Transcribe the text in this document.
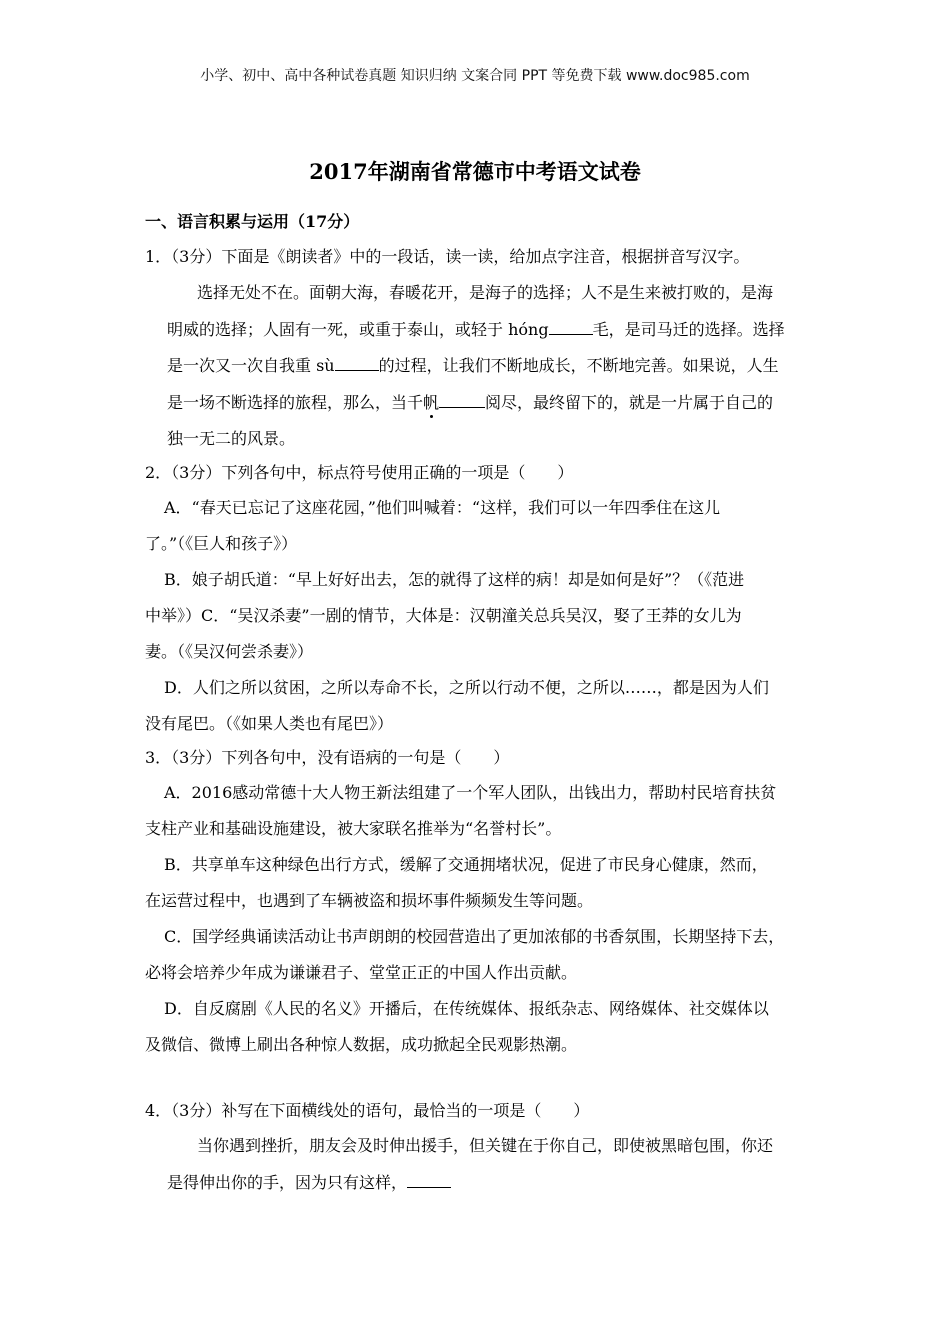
小学、初中、高中各种试卷真题 知识归纳 文案合同 PPT 等免费下载 www.doc985.com
2017年湖南省常德市中考语文试卷
一、语言积累与运用（17分）
1．（3分）下面是《朗读者》中的一段话，读一读，给加点字注音，根据拼音写汉字。
选择无处不在。面朝大海，春暖花开，是海子的选择；人不是生来被打败的，是海
明威的选择；人固有一死，或重于泰山，或轻于 hóng	毛，是司马迁的选择。选择
是一次又一次自我重 sù	的过程，让我们不断地成长，不断地完善。如果说，人生
是一场不断选择的旅程，那么，当千帆	阅尽，最终留下的，就是一片属于自己的
独一无二的风景。
2．（3分）下列各句中，标点符号使用正确的一项是（　　）
A．“春天已忘记了这座花园，”他们叫喊着：“这样，我们可以一年四季住在这儿
了。”（《巨人和孩子》）
B．娘子胡氏道：“早上好好出去，怎的就得了这样的病！却是如何是好”？（《范进
中举》）C．“吴汉杀妻”一剧的情节，大体是：汉朝潼关总兵吴汉，娶了王莽的女儿为
妻。（《吴汉何尝杀妻》）
D．人们之所以贫困，之所以寿命不长，之所以行动不便，之所以……，都是因为人们
没有尾巴。（《如果人类也有尾巴》）
3．（3分）下列各句中，没有语病的一句是（　　）
A．2016感动常德十大人物王新法组建了一个军人团队，出钱出力，帮助村民培育扶贫
支柱产业和基础设施建设，被大家联名推举为“名誉村长”。
B．共享单车这种绿色出行方式，缓解了交通拥堵状况，促进了市民身心健康，然而，
在运营过程中，也遇到了车辆被盗和损坏事件频频发生等问题。
C．国学经典诵读活动让书声朗朗的校园营造出了更加浓郁的书香氛围，长期坚持下去，
必将会培养少年成为谦谦君子、堂堂正正的中国人作出贡献。
D．自反腐剧《人民的名义》开播后，在传统媒体、报纸杂志、网络媒体、社交媒体以
及微信、微博上刷出各种惊人数据，成功掀起全民观影热潮。
4．（3分）补写在下面横线处的语句，最恰当的一项是（　　）
当你遇到挫折，朋友会及时伸出援手，但关键在于你自己，即使被黑暗包围，你还
是得伸出你的手，因为只有这样，
